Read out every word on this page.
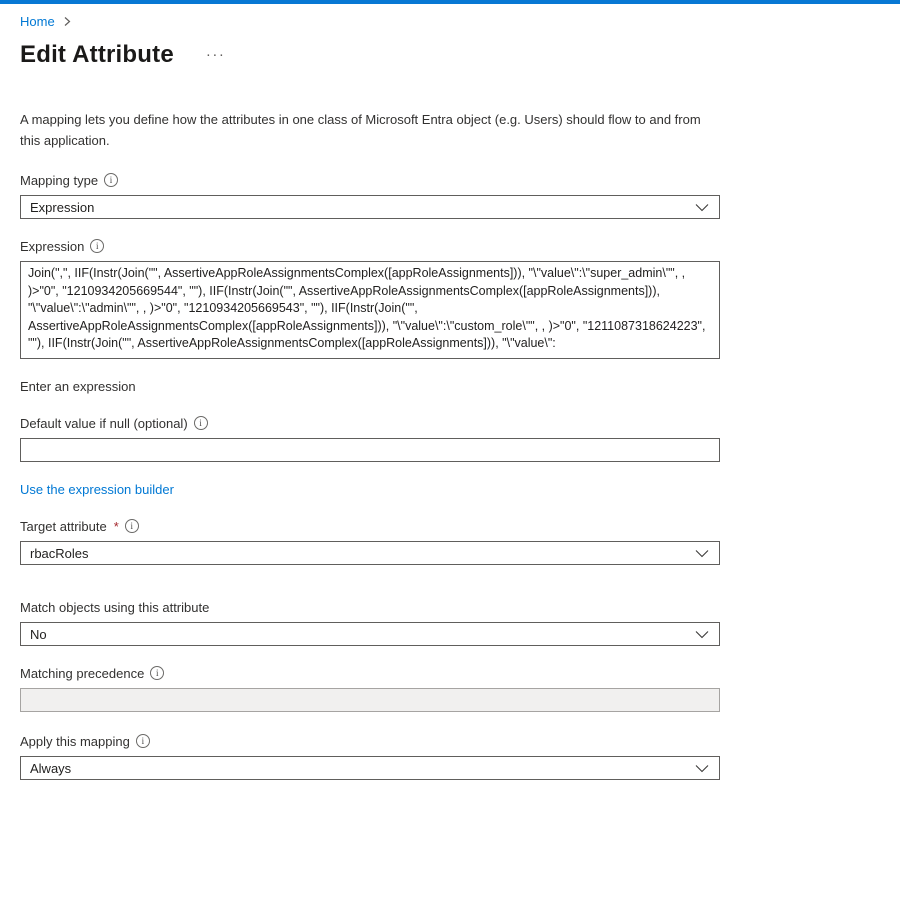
Home
Edit Attribute ···

A mapping lets you define how the attributes in one class of Microsoft Entra object (e.g. Users) should flow to and from this application.

Mapping type	i
Expression
Expression	i
Join(",", IIF(Instr(Join("", AssertiveAppRoleAssignmentsComplex([appRoleAssignments])), "\"value\":\"super_admin\"", , )>"0", "1210934205669544", ""), IIF(Instr(Join("", AssertiveAppRoleAssignmentsComplex([appRoleAssignments])), "\"value\":\"admin\"", , )>"0", "1210934205669543", ""), IIF(Instr(Join("", AssertiveAppRoleAssignmentsComplex([appRoleAssignments])), "\"value\":\"custom_role\"", , )>"0", "1211087318624223", ""), IIF(Instr(Join("", AssertiveAppRoleAssignmentsComplex([appRoleAssignments])), "\"value\":
Enter an expression
Default value if null (optional)	i
Use the expression builder
Target attribute *	i
rbacRoles
Match objects using this attribute
No
Matching precedence	i
Apply this mapping	i
Always
